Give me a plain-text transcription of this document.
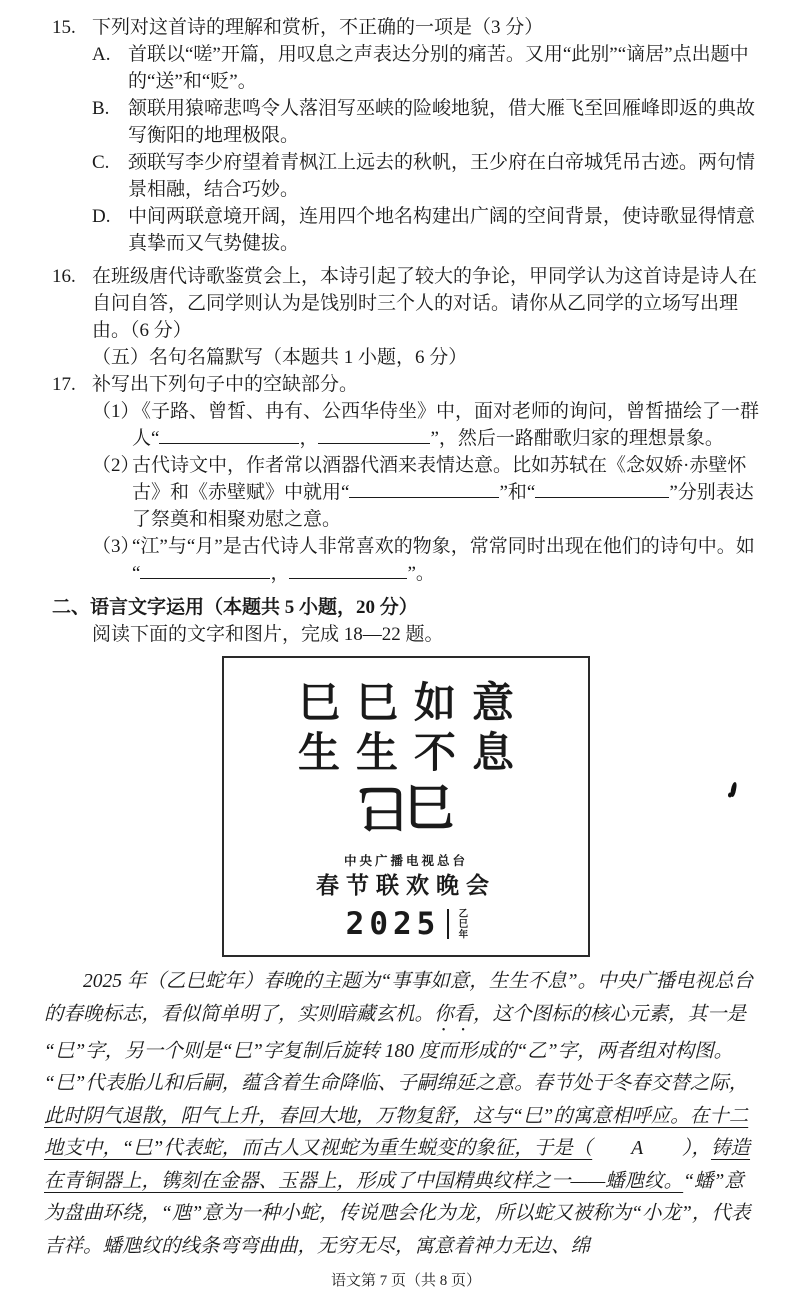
15. 下列对这首诗的理解和赏析，不正确的一项是（3 分）
A. 首联以“嗟”开篇，用叹息之声表达分别的痛苦。又用“此别”“谪居”点出题中的“送”和“贬”。
B. 颔联用猿啼悲鸣令人落泪写巫峡的险峻地貌，借大雁飞至回雁峰即返的典故写衡阳的地理极限。
C. 颈联写李少府望着青枫江上远去的秋帆，王少府在白帝城凭吊古迹。两句情景相融，结合巧妙。
D. 中间两联意境开阔，连用四个地名构建出广阔的空间背景，使诗歌显得情意真挚而又气势健拔。
16. 在班级唐代诗歌鉴赏会上，本诗引起了较大的争论，甲同学认为这首诗是诗人在自问自答，乙同学则认为是饯别时三个人的对话。请你从乙同学的立场写出理由。（6 分）
（五）名句名篇默写（本题共 1 小题，6 分）
17. 补写出下列句子中的空缺部分。
（1）《子路、曾皙、冉有、公西华侍坐》中，面对老师的询问，曾皙描绘了一群人“	，	”，然后一路酣歌归家的理想景象。
（2）古代诗文中，作者常以酒器代酒来表情达意。比如苏轼在《念奴娇·赤壁怀古》和《赤壁赋》中就用“	”和“	”分别表达了祭奠和相聚劝慰之意。
（3）“江”与“月”是古代诗人非常喜欢的物象，常常同时出现在他们的诗句中。如“	，	”。
二、语言文字运用（本题共 5 小题，20 分）
阅读下面的文字和图片，完成 18—22 题。
巳巳如意
生生不息
巳巳
中央广播电视总台
春节联欢晚会
2025 乙巳年

2025 年（乙巳蛇年）春晚的主题为“事事如意，生生不息”。中央广播电视总台的春晚标志，看似简单明了，实则暗藏玄机。你看，这个图标的核心元素，其一是“巳”字，另一个则是“巳”字复制后旋转 180 度而形成的“乙”字，两者组对构图。“巳”代表胎儿和后嗣，蕴含着生命降临、子嗣绵延之意。春节处于冬春交替之际，此时阴气退散，阳气上升，春回大地，万物复舒，这与“巳”的寓意相呼应。在十二地支中，“巳”代表蛇，而古人又视蛇为重生蜕变的象征，于是（　　A　　），铸造在青铜器上，镌刻在金器、玉器上，形成了中国精典纹样之一——蟠虺纹。“蟠”意为盘曲环绕，“虺”意为一种小蛇，传说虺会化为龙，所以蛇又被称为“小龙”，代表吉祥。蟠虺纹的线条弯弯曲曲，无穷无尽，寓意着神力无边、绵

语文第 7 页（共 8 页）
